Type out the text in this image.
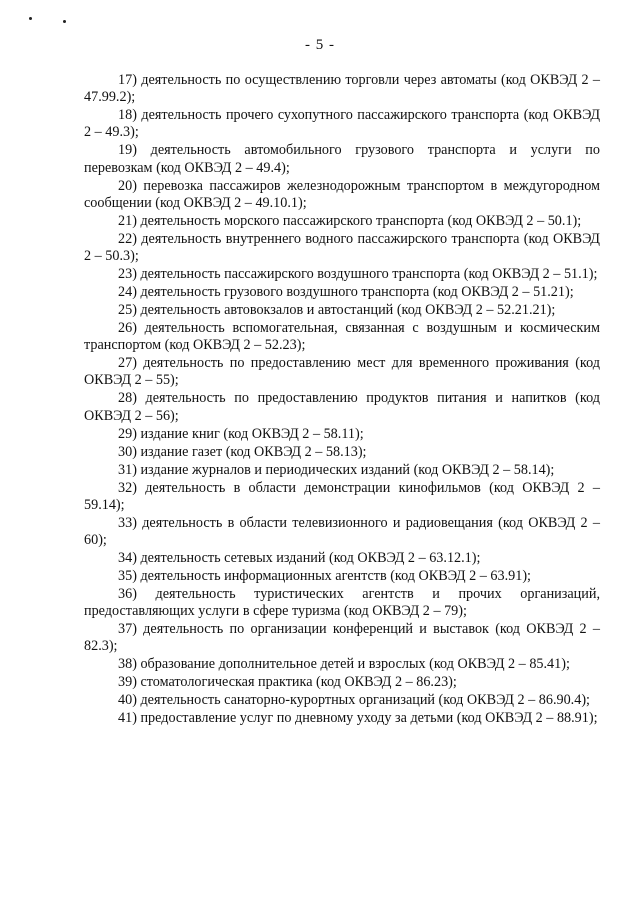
- 5 -

17) деятельность по осуществлению торговли через автоматы (код ОКВЭД 2 – 47.99.2);

18) деятельность прочего сухопутного пассажирского транспорта (код ОКВЭД 2 – 49.3);

19) деятельность автомобильного грузового транспорта и услуги по перевозкам (код ОКВЭД 2 – 49.4);

20) перевозка пассажиров железнодорожным транспортом в междугородном сообщении (код ОКВЭД 2 – 49.10.1);

21) деятельность морского пассажирского транспорта (код ОКВЭД 2 – 50.1);

22) деятельность внутреннего водного пассажирского транспорта (код ОКВЭД 2 – 50.3);

23) деятельность пассажирского воздушного транспорта (код ОКВЭД 2 – 51.1);

24) деятельность грузового воздушного транспорта (код ОКВЭД 2 – 51.21);

25) деятельность автовокзалов и автостанций (код ОКВЭД 2 – 52.21.21);

26) деятельность вспомогательная, связанная с воздушным и космическим транспортом (код ОКВЭД 2 – 52.23);

27) деятельность по предоставлению мест для временного проживания (код ОКВЭД 2 – 55);

28) деятельность по предоставлению продуктов питания и напитков (код ОКВЭД 2 – 56);

29) издание книг (код ОКВЭД 2 – 58.11);

30) издание газет (код ОКВЭД 2 – 58.13);

31) издание журналов и периодических изданий (код ОКВЭД 2 – 58.14);

32) деятельность в области демонстрации кинофильмов (код ОКВЭД 2 – 59.14);

33) деятельность в области телевизионного и радиовещания (код ОКВЭД 2 – 60);

34) деятельность сетевых изданий (код ОКВЭД 2 – 63.12.1);

35) деятельность информационных агентств (код ОКВЭД 2 – 63.91);

36) деятельность туристических агентств и прочих организаций, предоставляющих услуги в сфере туризма (код ОКВЭД 2 – 79);

37) деятельность по организации конференций и выставок (код ОКВЭД 2 – 82.3);

38) образование дополнительное детей и взрослых (код ОКВЭД 2 – 85.41);

39) стоматологическая практика (код ОКВЭД 2 – 86.23);

40) деятельность санаторно-курортных организаций (код ОКВЭД 2 – 86.90.4);

41) предоставление услуг по дневному уходу за детьми (код ОКВЭД 2 – 88.91);
